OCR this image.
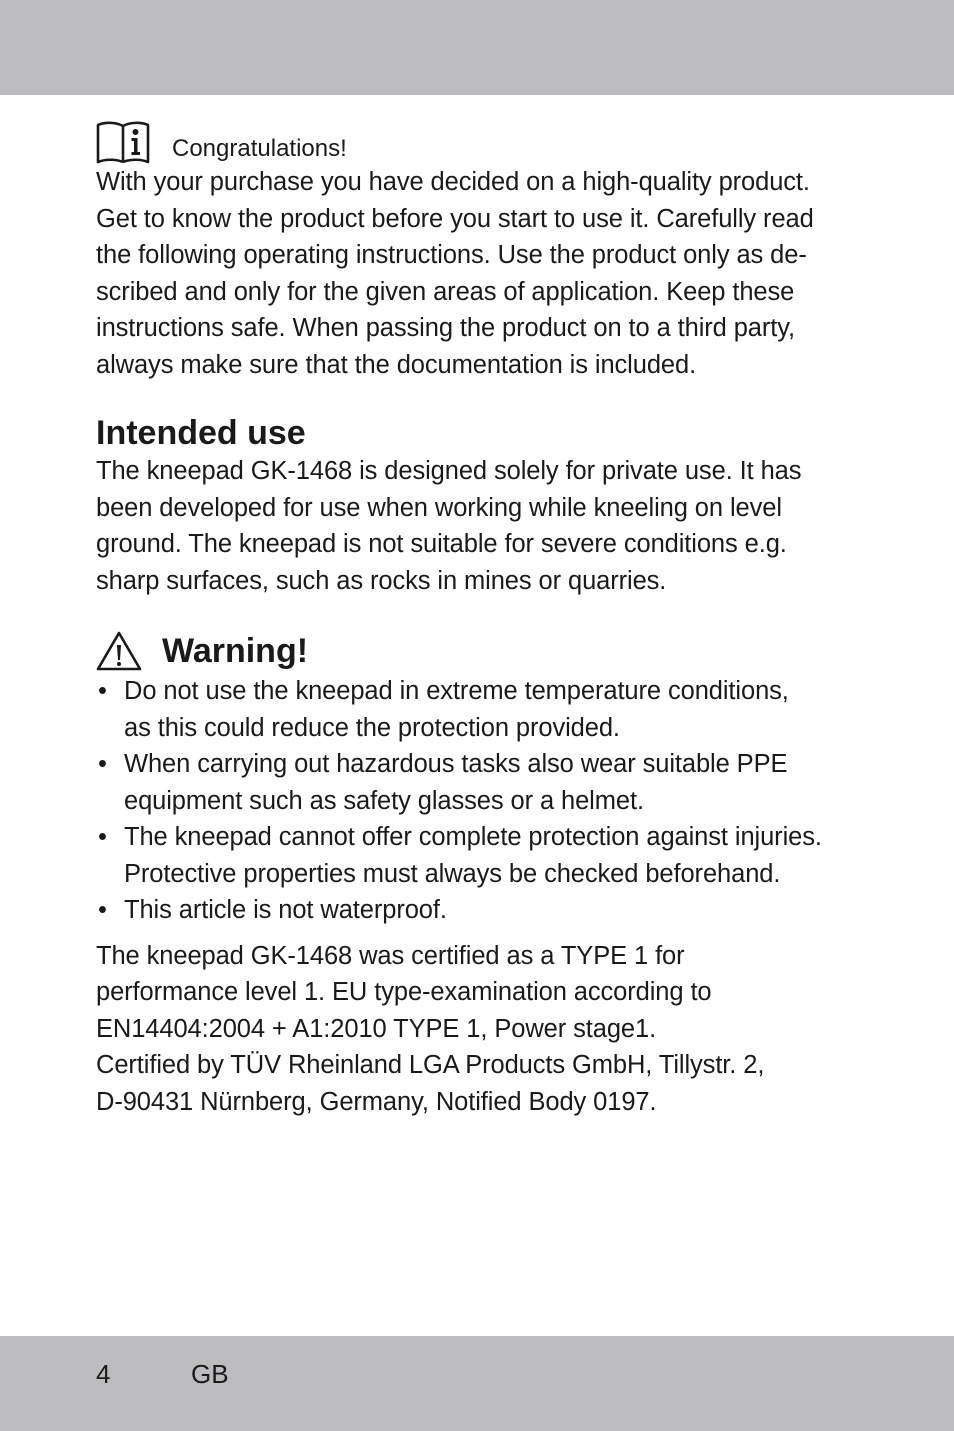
Congratulations!
With your purchase you have decided on a high-quality product.
Get to know the product before you start to use it. Carefully read
the following operating instructions. Use the product only as de-
scribed and only for the given areas of application. Keep these
instructions safe. When passing the product on to a third party,
always make sure that the documentation is included.
Intended use
The kneepad GK-1468 is designed solely for private use. It has
been developed for use when working while kneeling on level
ground. The kneepad is not suitable for severe conditions e.g.
sharp surfaces, such as rocks in mines or quarries.
Warning!
• Do not use the kneepad in extreme temperature conditions,
as this could reduce the protection provided.
• When carrying out hazardous tasks also wear suitable PPE
equipment such as safety glasses or a helmet.
• The kneepad cannot offer complete protection against injuries.
Protective properties must always be checked beforehand.
• This article is not waterproof.
The kneepad GK-1468 was certified as a TYPE 1 for
performance level 1. EU type-examination according to
EN14404:2004 + A1:2010 TYPE 1, Power stage1.
Certified by TÜV Rheinland LGA Products GmbH, Tillystr. 2,
D-90431 Nürnberg, Germany, Notified Body 0197.
4	GB
